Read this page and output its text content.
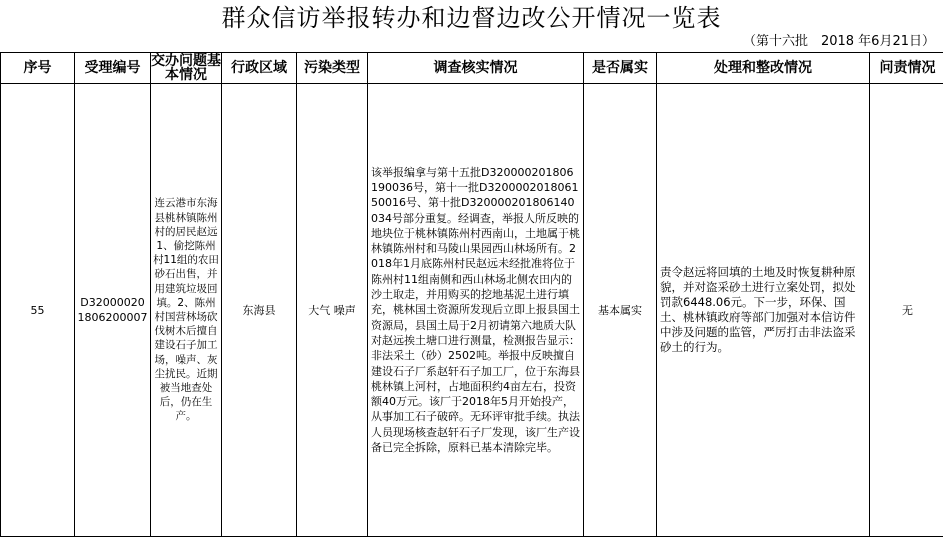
群众信访举报转办和边督边改公开情况一览表
（第十六批　2018 年6月21日）
序号	受理编号	交办问题基本情况	行政区域	污染类型	调查核实情况	是否属实	处理和整改情况	问责情况
55	D320000201806200007	连云港市东海县桃林镇陈州村的居民赵远1、偷挖陈州村11组的农田砂石出售，并用建筑垃圾回填。2、陈州村国营林场砍伐树木后擅自建设石子加工场，噪声、灰尘扰民。近期被当地查处后，仍在生产。	东海县	大气 噪声	该举报编拿与第十五批D320000201806190036号，第十一批D320000201806150016号、第十批D320000201806140034号部分重复。经调查，举报人所反映的地块位于桃林镇陈州村西南山，土地属于桃林镇陈州村和马陵山果园西山林场所有。2018年1月底陈州村民赵远未经批准将位于陈州村11组南侧和西山林场北侧农田内的沙土取走，并用购买的挖地基泥土进行填充，桃林国土资源所发现后立即上报县国土资源局，县国土局于2月初请第六地质大队对赵远挨土塘口进行测量，检测报告显示：非法采土（砂）2502吨。举报中反映擅自建设石子厂系赵轩石子加工厂，位于东海县桃林镇上河村，占地面积约4亩左右，投资额40万元。该厂于2018年5月开始投产，从事加工石子破碎。无环评审批手续。执法人员现场核查赵轩石子厂发现，该厂生产设备已完全拆除，原料已基本清除完毕。	基本属实	责令赵远将回填的土地及时恢复耕种原貌，并对盗采砂土进行立案处罚，拟处罚款6448.06元。下一步，环保、国土、桃林镇政府等部门加强对本信访件中涉及问题的监管，严厉打击非法盗采砂土的行为。	无
